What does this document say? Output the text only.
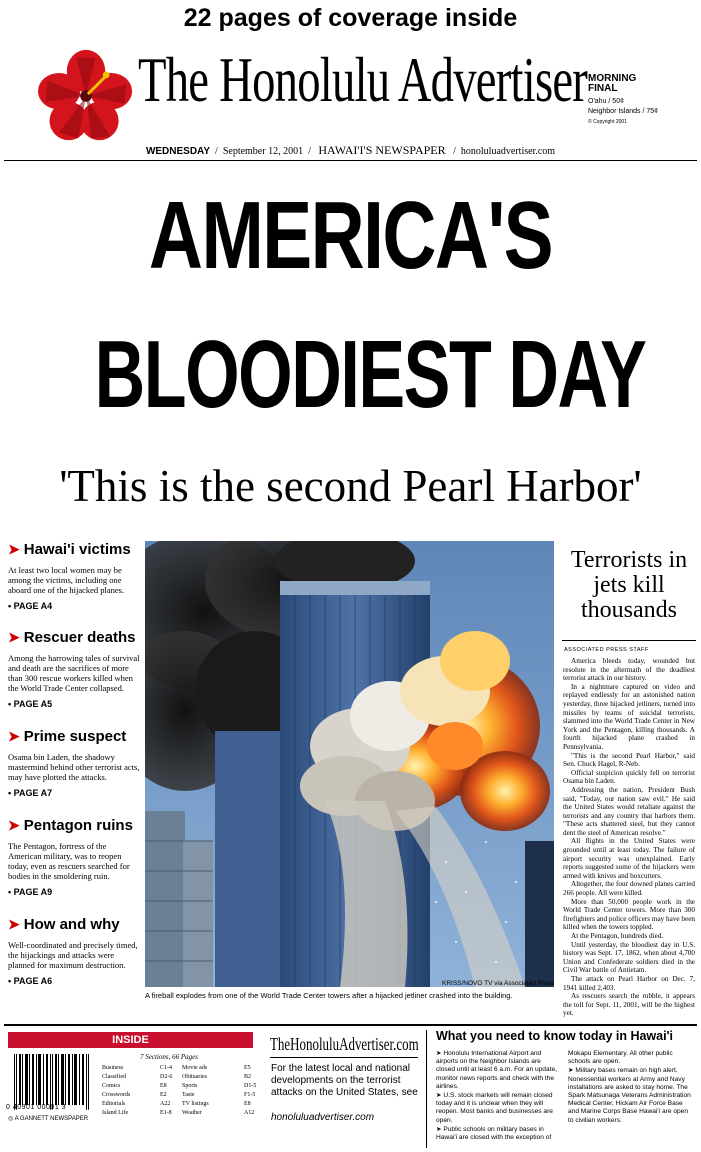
22 pages of coverage inside
The Honolulu Advertiser MORNING
FINAL
O'ahu / 50¢
Neighbor Islands / 75¢
© Copyright 2001
WEDNESDAY  /  September 12, 2001  /   HAWAI'I'S NEWSPAPER   /  honoluluadvertiser.com
AMERICA'S
BLOODIEST DAY
'This is the second Pearl Harbor'
➤ Hawai'i victims
At least two local women may be among the victims, including one aboard one of the hijacked planes.
• PAGE A4
➤ Rescuer deaths
Among the harrowing tales of survival and death are the sacrifices of more than 300 rescue workers killed when the World Trade Center collapsed.
• PAGE A5
➤ Prime suspect
Osama bin Laden, the shadowy mastermind behind other terrorist acts, may have plotted the attacks.
• PAGE A7
➤ Pentagon ruins
The Pentagon, fortress of the American military, was to reopen today, even as rescuers searched for bodies in the smoldering ruin.
• PAGE A9
➤ How and why
Well-coordinated and precisely timed, the hijackings and attacks were planned for maximum destruction.
• PAGE A6	KRISS/NOVO TV via Associated Press
A fireball explodes from one of the World Trade Center towers after a hijacked jetliner crashed into the building.
Terrorists in jets kill thousands
ASSOCIATED PRESS STAFF

America bleeds today, wounded but resolute in the aftermath of the deadliest terrorist attack in our history.

In a nightmare captured on video and replayed endlessly for an astonished nation yesterday, three hijacked jetliners, turned into missiles by teams of suicidal terrorists, slammed into the World Trade Center in New York and the Pentagon, killing thousands. A fourth hijacked plane crashed in Pennsylvania.

"This is the second Pearl Harbor," said Sen. Chuck Hagel, R-Neb.

Official suspicion quickly fell on terrorist Osama bin Laden.

Addressing the nation, President Bush said, "Today, our nation saw evil." He said the United States would retaliate against the terrorists and any country that harbors them. "These acts shattered steel, but they cannot dent the steel of American resolve."

All flights in the United States were grounded until at least today. The failure of airport security was unexplained. Early reports suggested some of the hijackers were armed with knives and boxcutters.

Altogether, the four downed planes carried 266 people. All were killed.

More than 50,000 people work in the World Trade Center towers. More than 300 firefighters and police officers may have been killed when the towers toppled.

At the Pentagon, hundreds died.

Until yesterday, the bloodiest day in U.S. history was Sept. 17, 1862, when about 4,700 Union and Confederate soldiers died in the Civil War battle of Antietam.

The attack on Pearl Harbor on Dec. 7, 1941 killed 2,403.

As rescuers search the rubble, it appears the toll for Sept. 11, 2001, will be the highest yet.

INSIDE
7 Sections, 66 Pages
Business	C1-4
Classified	D2-6
Comics	E8
Crosswords	E2
Editorials	A22
Island Life	E1-8
Movie ads	E5
Obituaries	B2
Sports	D1-5
Taste	F1-5
TV listings	E8
Weather	A12
0 40901 00001 3
◎ A GANNETT NEWSPAPER
TheHonoluluAdvertiser.com
For the latest local and national developments on the terrorist attacks on the United States, see
honoluluadvertiser.com
What you need to know today in Hawai'i

➤ Honolulu International Airport and airports on the Neighbor Islands are closed until at least 6 a.m. For an update, monitor news reports and check with the airlines.

➤ U.S. stock markets will remain closed today and it is unclear when they will reopen. Most banks and businesses are open.

➤ Public schools on military bases in Hawai'i are closed with the exception of

Mokapu Elementary. All other public schools are open.

➤ Military bases remain on high alert. Nonessential workers at Army and Navy installations are asked to stay home. The Spark Matsunaga Veterans Administration Medical Center, Hickam Air Force Base and Marine Corps Base Hawai'i are open to civilian workers.
